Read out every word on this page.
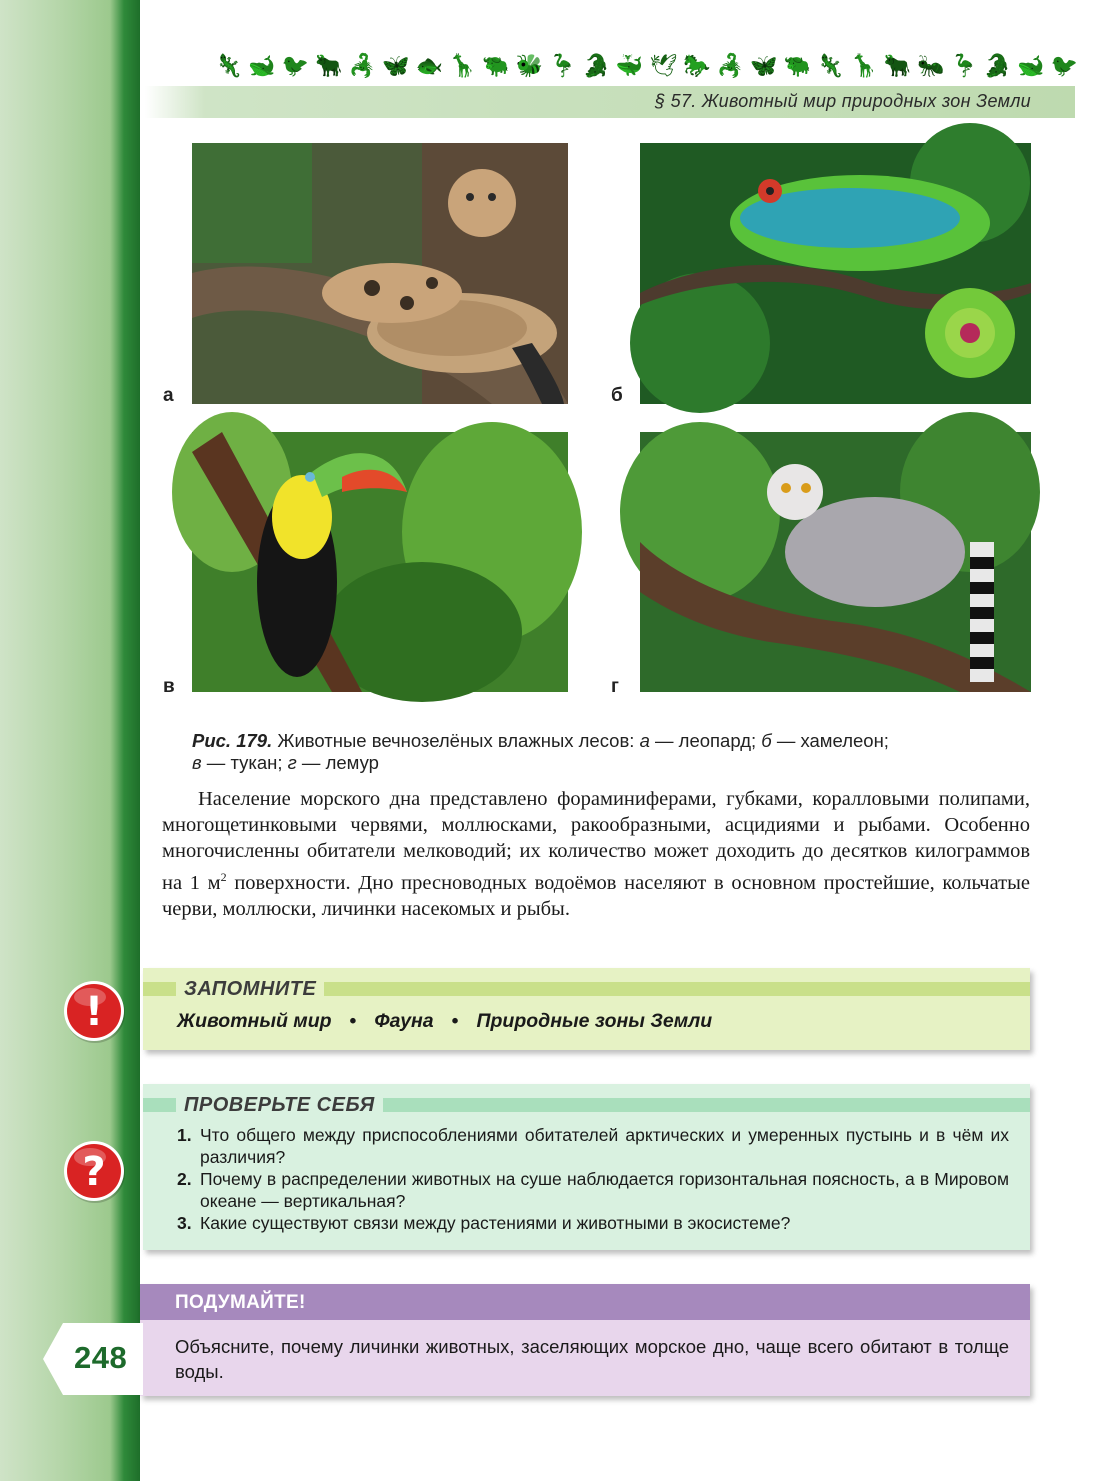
🦎 🐋 🐦 🐂 🦂 🦋 🐟 🦒 🐃 🐝 🦩 🐊 🐳 🕊 🐎 🦂 🦋 🐃 🦎 🦒 🐂 🐜 🦩 🐊 🐋 🐦
§ 57. Животный мир природных зон Земли
а	б
в	г
Рис. 179. Животные вечнозелёных влажных лесов: а — леопард; б — хамелеон;
в — тукан; г — лемур

Население морского дна представлено фораминиферами, губками, коралловыми полипами, многощетинковыми червями, моллюсками, ракообразными, асцидиями и рыбами. Особенно многочисленны обитатели мелководий; их количество может доходить до десятков килограммов на 1 $м^2$ поверхности. Дно пресноводных водоёмов населяют в основном простейшие, кольчатые черви, моллюски, личинки насекомых и рыбы.

!	ЗАПОМНИТЕ
Животный мир • Фауна • Природные зоны Земли
?
ПРОВЕРЬТЕ СЕБЯ
1. Что общего между приспособлениями обитателей арктических и умеренных пустынь и в чём их различия?
2. Почему в распределении животных на суше наблюдается горизонтальная поясность, а в Мировом океане — вертикальная?
3. Какие существуют связи между растениями и животными в экосистеме?
ПОДУМАЙТЕ!
Объясните, почему личинки животных, заселяющих морское дно, чаще всего обитают в толще воды.
248
